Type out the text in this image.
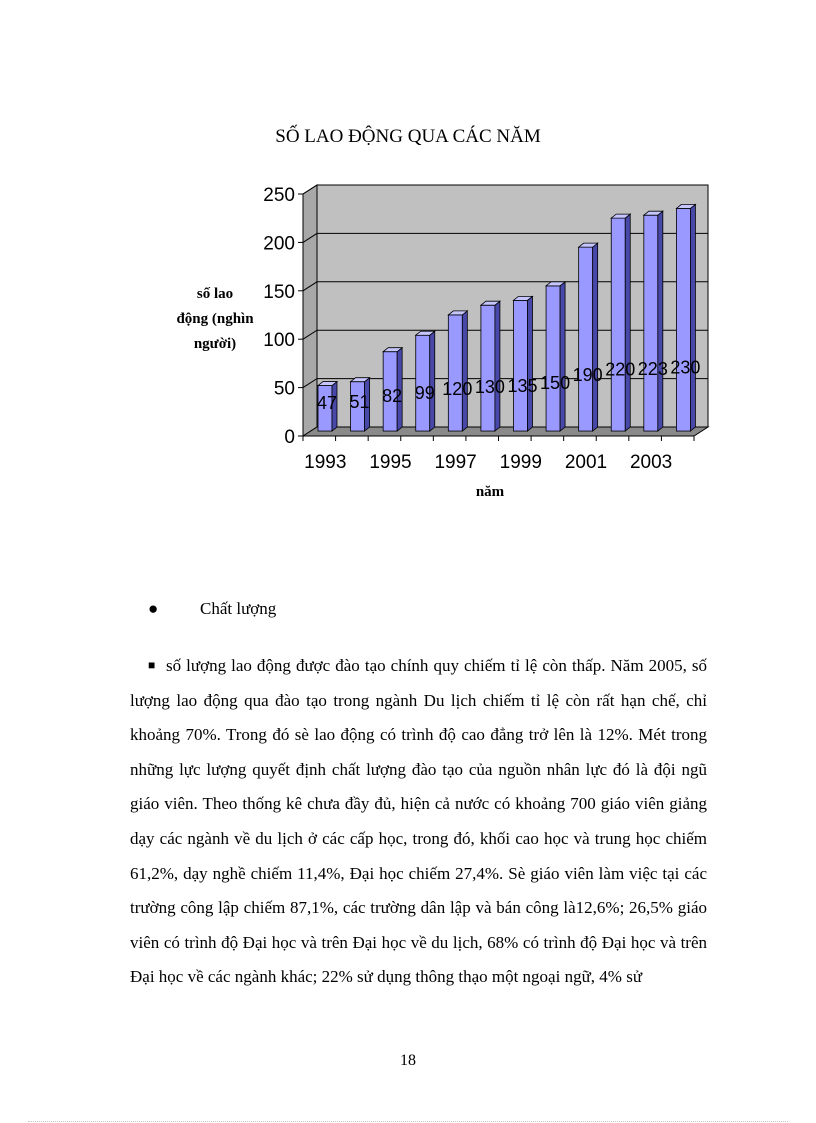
SỐ LAO ĐỘNG QUA CÁC NĂM
0
50
100
150
200
250
47 51 82 99 120 130 135 150 190 220 223 230
1993 1995 1997 1999 2001 2003
số lao
động (nghìn
người)
năm
● Chất lượng
■ số lượng lao động được đào tạo chính quy chiếm tỉ lệ còn thấp. Năm 2005, số lượng lao động qua đào tạo trong ngành Du lịch chiếm tỉ lệ còn rất hạn chế, chỉ khoảng 70%. Trong đó sè lao động có trình độ cao đẳng trở lên là 12%. Mét trong những lực lượng quyết định chất lượng đào tạo của nguồn nhân lực đó là đội ngũ giáo viên. Theo thống kê chưa đầy đủ, hiện cả nước có khoảng 700 giáo viên giảng dạy các ngành về du lịch ở các cấp học, trong đó, khối cao học và trung học chiếm 61,2%, dạy nghề chiếm 11,4%, Đại học chiếm 27,4%. Sè giáo viên làm việc tại các trường công lập chiếm 87,1%, các trường dân lập và bán công là12,6%; 26,5% giáo viên có trình độ Đại học và trên Đại học về du lịch, 68% có trình độ Đại học và trên Đại học về các ngành khác; 22% sử dụng thông thạo một ngoại ngữ, 4% sử
18
